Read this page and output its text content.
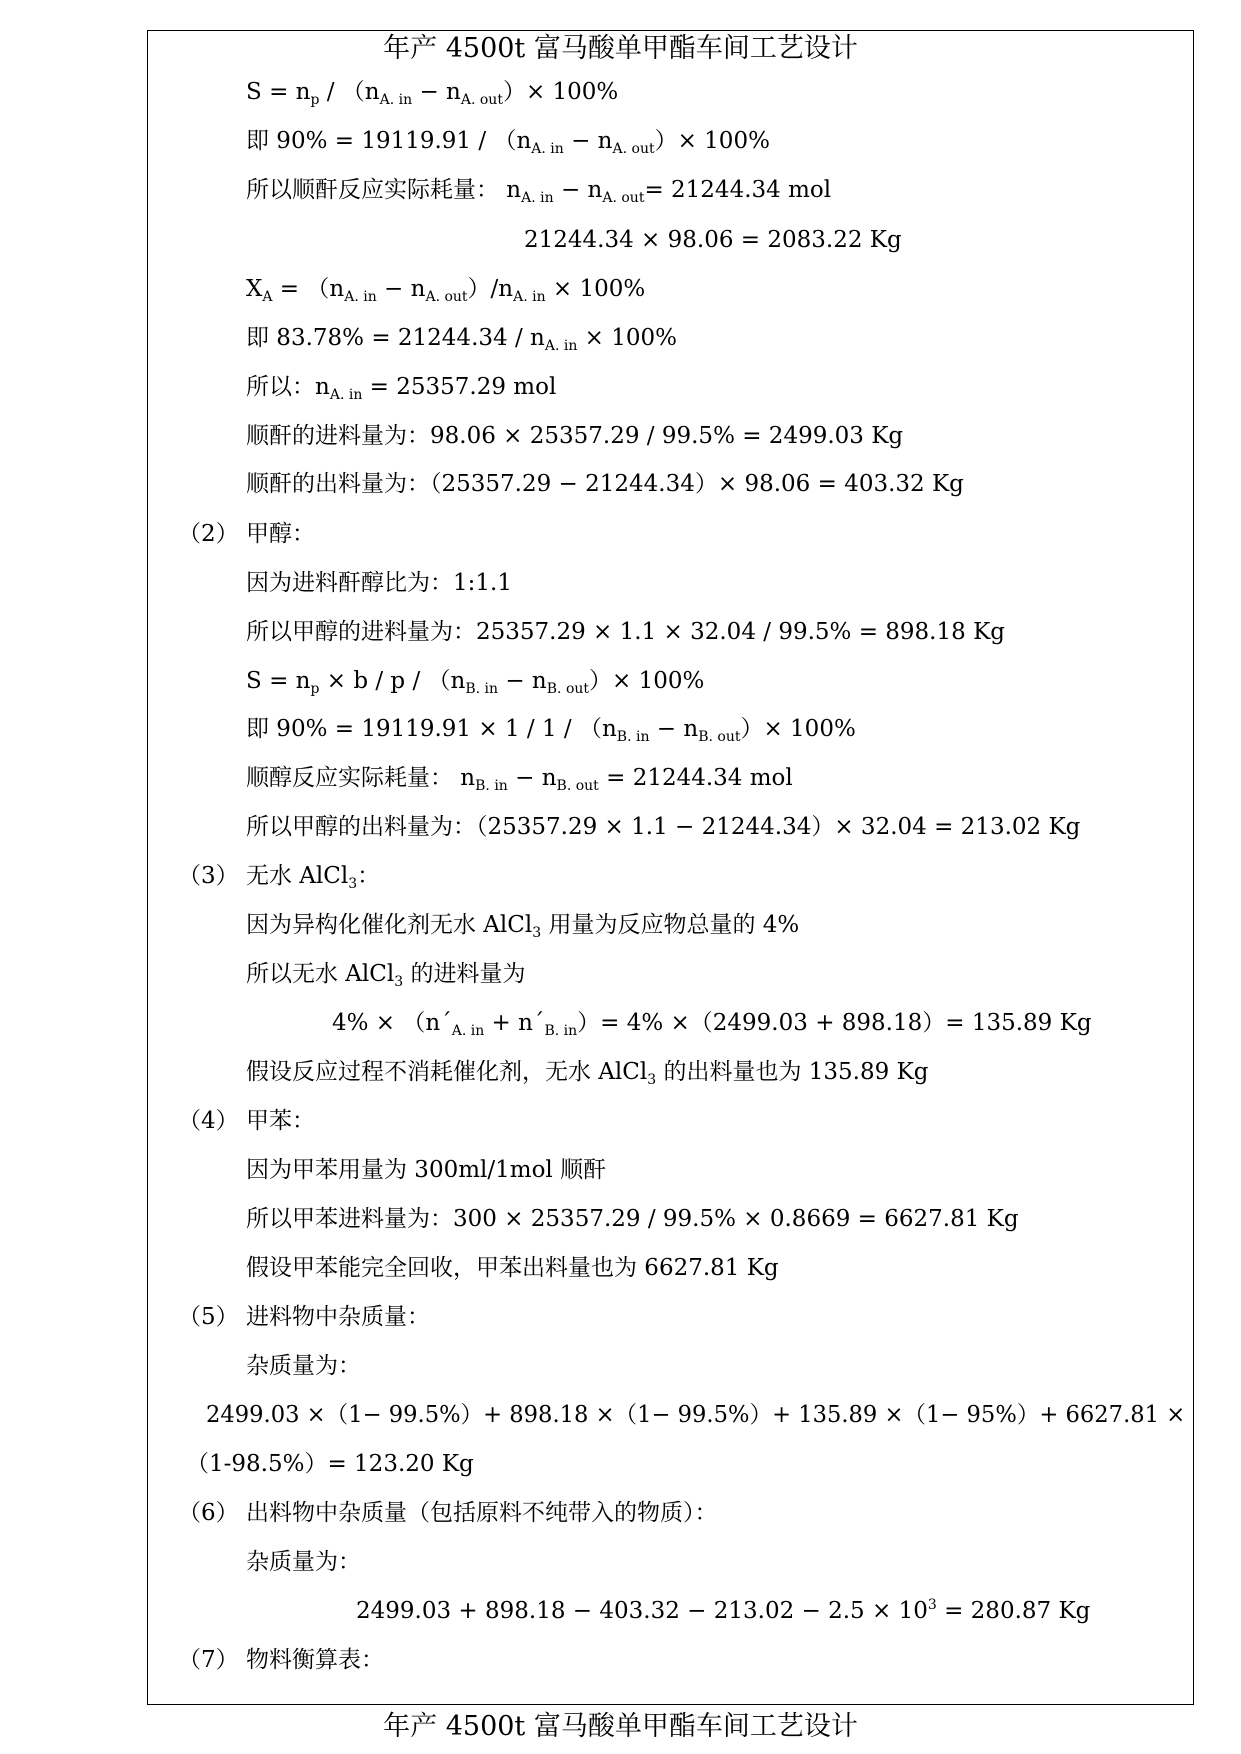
年产 4500t 富马酸单甲酯车间工艺设计
$S = n_p / (n_{A. in} - n_{A. out})\times 100\%$
即 $90\% = 19119.91 / (n_{A. in} - n_{A. out})\times 100\%$
所以顺酐反应实际耗量： $n_{A. in} - n_{A. out}= 21244.34$ mol
21244.34 × 98.06 = 2083.22 Kg
$X_A = (n_{A. in} - n_{A. out})/n_{A. in} \times 100\%$
即 $83.78\% = 21244.34 / n_{A. in} \times 100\%$
所以：$n_{A. in} = 25357.29$ mol
顺酐的进料量为：98.06 × 25357.29 / 99.5% = 2499.03 Kg
顺酐的出料量为：（25357.29 − 21244.34）× 98.06 = 403.32 Kg
（2） 甲醇：
因为进料酐醇比为：1:1.1
所以甲醇的进料量为：25357.29 × 1.1 × 32.04 / 99.5% = 898.18 Kg
$S = n_p \times b / p / (n_{B. in} - n_{B. out})\times 100\%$
即 $90\% = 19119.91 \times 1 / 1 / (n_{B. in} - n_{B. out})\times 100\%$
顺醇反应实际耗量： $n_{B. in} - n_{B. out} = 21244.34$ mol
所以甲醇的出料量为：（25357.29 × 1.1 − 21244.34）× 32.04 = 213.02 Kg
（3） 无水 AlCl$_3$：
因为异构化催化剂无水 AlCl$_3$ 用量为反应物总量的 4%
所以无水 AlCl$_3$ 的进料量为
$4\% \times (n´_{A. in}$ + $n´_{B. in})= 4\% \times(2499.03 + 898.18)= 135.89$ Kg
假设反应过程不消耗催化剂，无水 AlCl$_3$ 的出料量也为 135.89 Kg
（4） 甲苯：
因为甲苯用量为 300ml/1mol 顺酐
所以甲苯进料量为：300 × 25357.29 / 99.5% × 0.8669 = 6627.81 Kg
假设甲苯能完全回收，甲苯出料量也为 6627.81 Kg
（5） 进料物中杂质量：
杂质量为：
2499.03 ×（1− 99.5%）+ 898.18 ×（1− 99.5%）+ 135.89 ×（1− 95%）+ 6627.81 ×
（1-98.5%）= 123.20 Kg
（6） 出料物中杂质量（包括原料不纯带入的物质）：
杂质量为：
$2499.03 + 898.18 - 403.32 - 213.02 - 2.5 \times 10^3 = 280.87$ Kg
（7） 物料衡算表：
年产 4500t 富马酸单甲酯车间工艺设计
